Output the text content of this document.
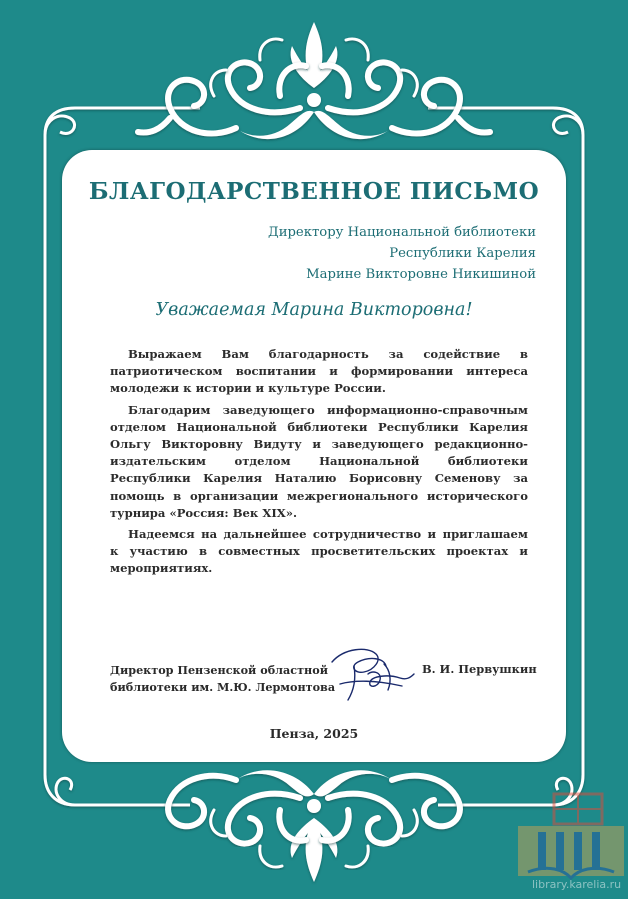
БЛАГОДАРСТВЕННОЕ ПИСЬМО
Директору Национальной библиотеки
Республики Карелия
Марине Викторовне Никишиной

Уважаемая Марина Викторовна!

Выражаем Вам благодарность за содействие в патриотическом воспитании и формировании интереса молодежи к истории и культуре России.

Благодарим заведующего информационно-справочным отделом Национальной библиотеки Республики Карелия Ольгу Викторовну Видуту и заведующего редакционно-издательским отделом Национальной библиотеки Республики Карелия Наталию Борисовну Семенову за помощь в организации межрегионального исторического турнира «Россия: Век XIX».

Надеемся на дальнейшее сотрудничество и приглашаем к участию в совместных просветительских проектах и мероприятиях.

Директор Пензенской областной
библиотеки им. М.Ю. Лермонтова
В. И. Первушкин
Пенза, 2025
library.karelia.ru
